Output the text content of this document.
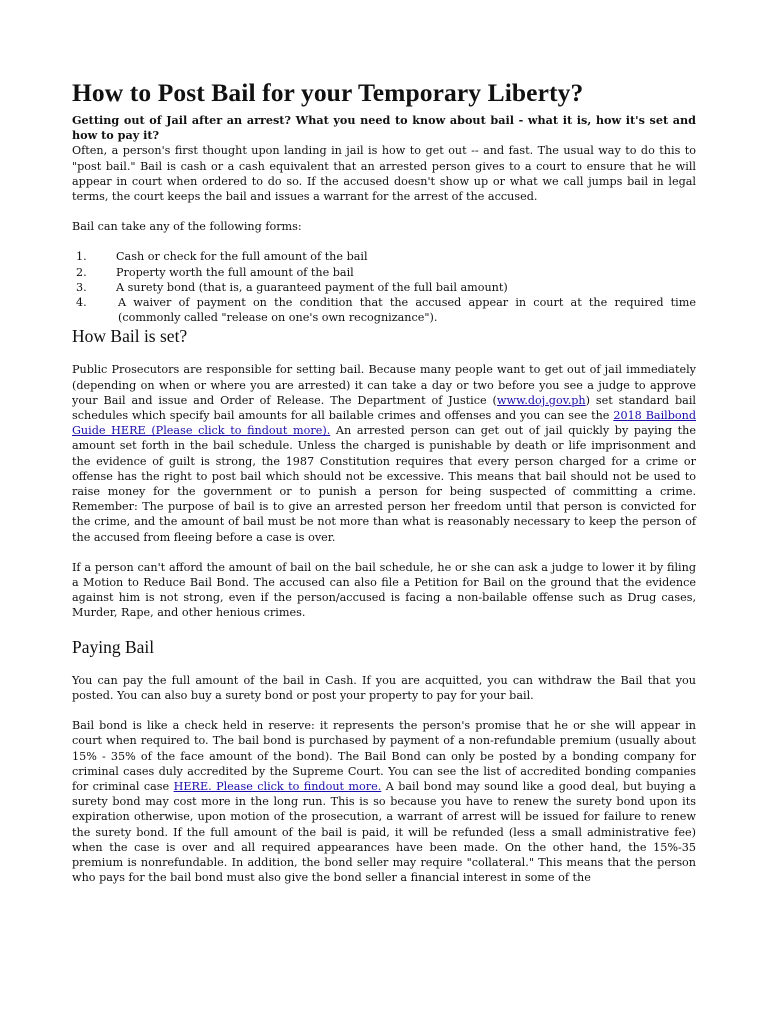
How to Post Bail for your Temporary Liberty?
Getting out of Jail after an arrest? What you need to know about bail - what it is, how it's set and how to pay it?

Often, a person's first thought upon landing in jail is how to get out -- and fast. The usual way to do this to "post bail." Bail is cash or a cash equivalent that an arrested person gives to a court to ensure that he will appear in court when ordered to do so. If the accused doesn't show up or what we call jumps bail in legal terms, the court keeps the bail and issues a warrant for the arrest of the accused.

Bail can take any of the following forms:

1.	Cash or check for the full amount of the bail
2.	Property worth the full amount of the bail
3.	A surety bond (that is, a guaranteed payment of the full bail amount)
4.	A waiver of payment on the condition that the accused appear in court at the required time (commonly called "release on one's own recognizance").
How Bail is set?

Public Prosecutors are responsible for setting bail. Because many people want to get out of jail immediately (depending on when or where you are arrested) it can take a day or two before you see a judge to approve your Bail and issue and Order of Release. The Department of Justice (www.doj.gov.ph) set standard bail schedules which specify bail amounts for all bailable crimes and offenses and you can see the 2018 Bailbond Guide HERE (Please click to findout more). An arrested person can get out of jail quickly by paying the amount set forth in the bail schedule. Unless the charged is punishable by death or life imprisonment and the evidence of guilt is strong, the 1987 Constitution requires that every person charged for a crime or offense has the right to post bail which should not be excessive. This means that bail should not be used to raise money for the government or to punish a person for being suspected of committing a crime. Remember: The purpose of bail is to give an arrested person her freedom until that person is convicted for the crime, and the amount of bail must be not more than what is reasonably necessary to keep the person of the accused from fleeing before a case is over.

If a person can't afford the amount of bail on the bail schedule, he or she can ask a judge to lower it by filing a Motion to Reduce Bail Bond. The accused can also file a Petition for Bail on the ground that the evidence against him is not strong, even if the person/accused is facing a non-bailable offense such as Drug cases, Murder, Rape, and other henious crimes.

Paying Bail

You can pay the full amount of the bail in Cash. If you are acquitted, you can withdraw the Bail that you posted. You can also buy a surety bond or post your property to pay for your bail.

Bail bond is like a check held in reserve: it represents the person's promise that he or she will appear in court when required to. The bail bond is purchased by payment of a non-refundable premium (usually about 15% - 35% of the face amount of the bond). The Bail Bond can only be posted by a bonding company for criminal cases duly accredited by the Supreme Court. You can see the list of accredited bonding companies for criminal case HERE. Please click to findout more. A bail bond may sound like a good deal, but buying a surety bond may cost more in the long run. This is so because you have to renew the surety bond upon its expiration otherwise, upon motion of the prosecution, a warrant of arrest will be issued for failure to renew the surety bond. If the full amount of the bail is paid, it will be refunded (less a small administrative fee) when the case is over and all required appearances have been made. On the other hand, the 15%-35 premium is nonrefundable. In addition, the bond seller may require "collateral." This means that the person who pays for the bail bond must also give the bond seller a financial interest in some of the
